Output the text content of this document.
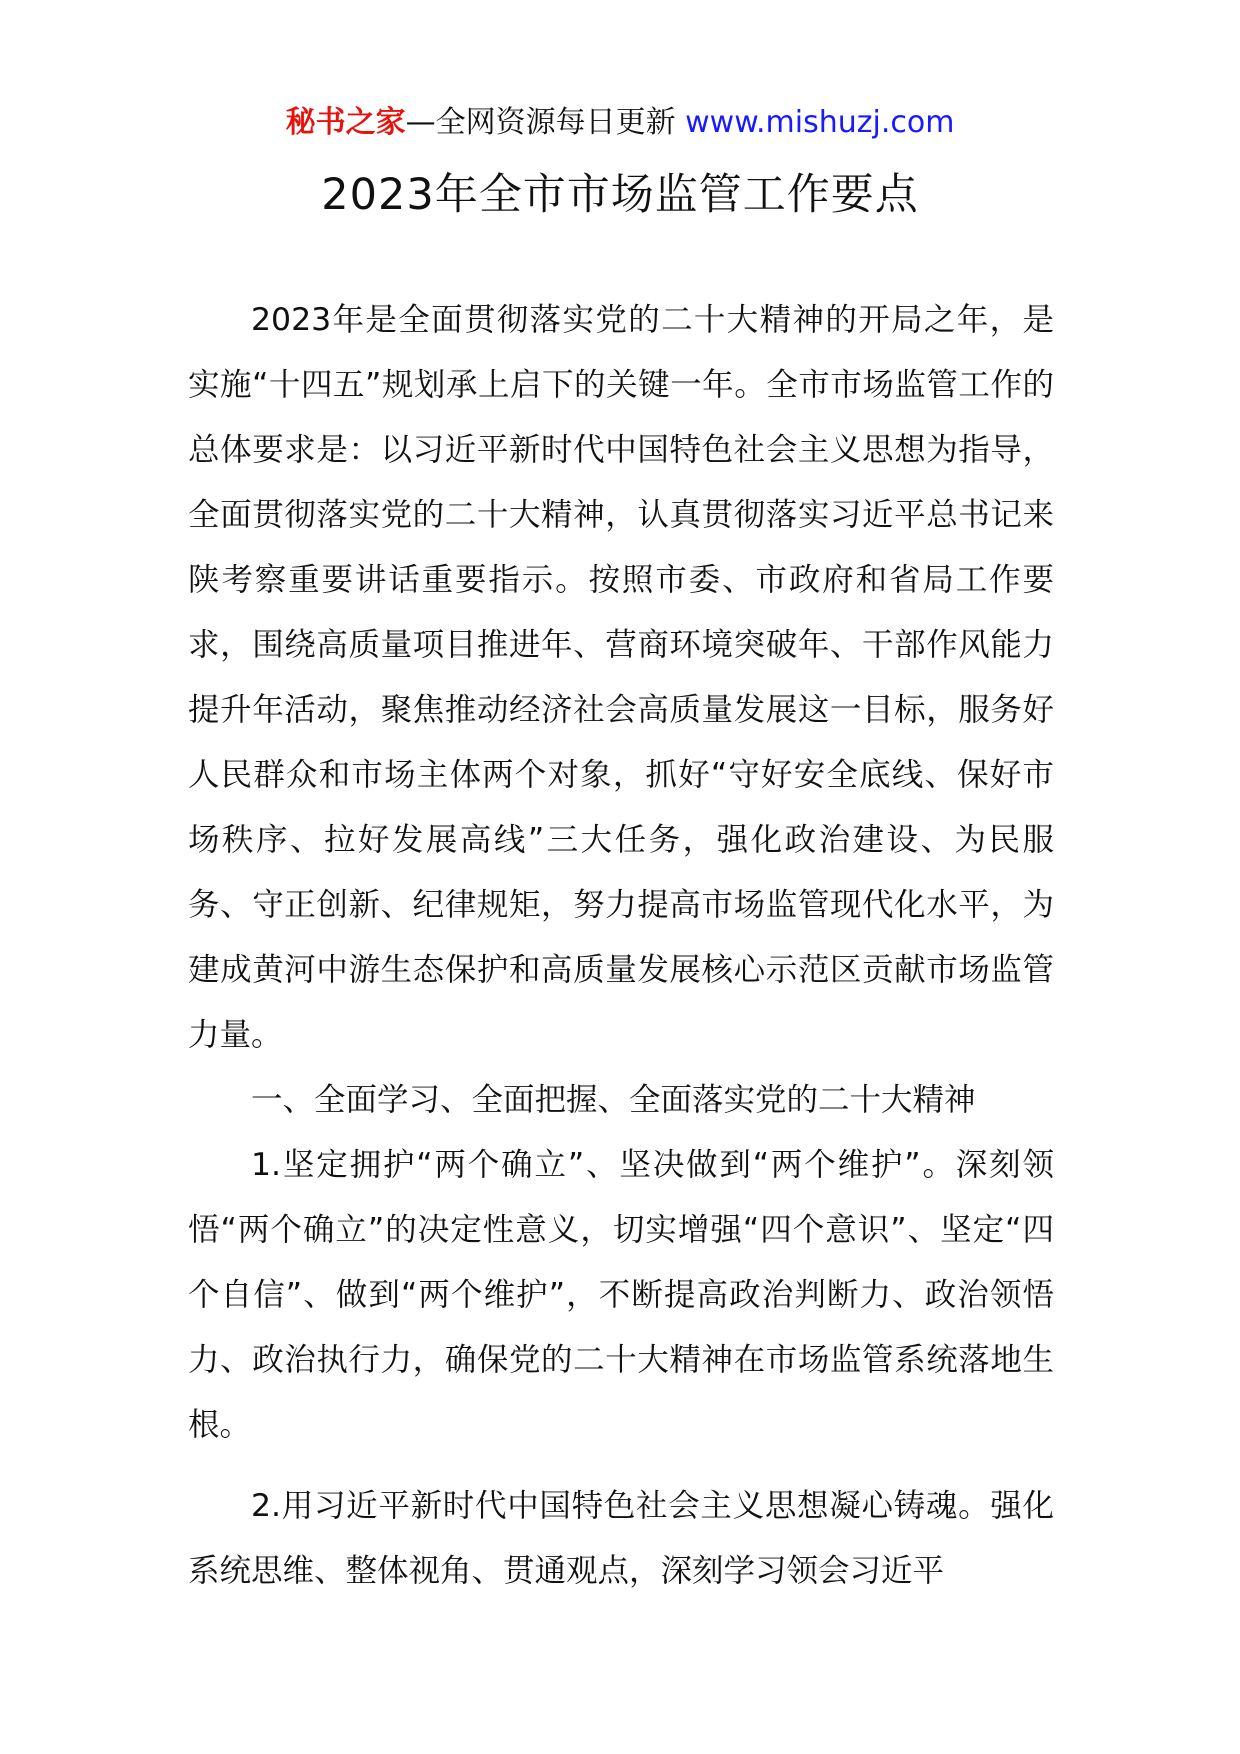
秘书之家—全网资源每日更新 www.mishuzj.com
2023年全市市场监管工作要点

2023年是全面贯彻落实党的二十大精神的开局之年，是实施“十四五”规划承上启下的关键一年。全市市场监管工作的总体要求是：以习近平新时代中国特色社会主义思想为指导，全面贯彻落实党的二十大精神，认真贯彻落实习近平总书记来陕考察重要讲话重要指示。按照市委、市政府和省局工作要求，围绕高质量项目推进年、营商环境突破年、干部作风能力提升年活动，聚焦推动经济社会高质量发展这一目标，服务好人民群众和市场主体两个对象，抓好“守好安全底线、保好市场秩序、拉好发展高线”三大任务，强化政治建设、为民服务、守正创新、纪律规矩，努力提高市场监管现代化水平，为建成黄河中游生态保护和高质量发展核心示范区贡献市场监管力量。

一、全面学习、全面把握、全面落实党的二十大精神

1.坚定拥护“两个确立”、坚决做到“两个维护”。深刻领悟“两个确立”的决定性意义，切实增强“四个意识”、坚定“四个自信”、做到“两个维护”，不断提高政治判断力、政治领悟力、政治执行力，确保党的二十大精神在市场监管系统落地生根。

2.用习近平新时代中国特色社会主义思想凝心铸魂。强化系统思维、整体视角、贯通观点，深刻学习领会习近平
